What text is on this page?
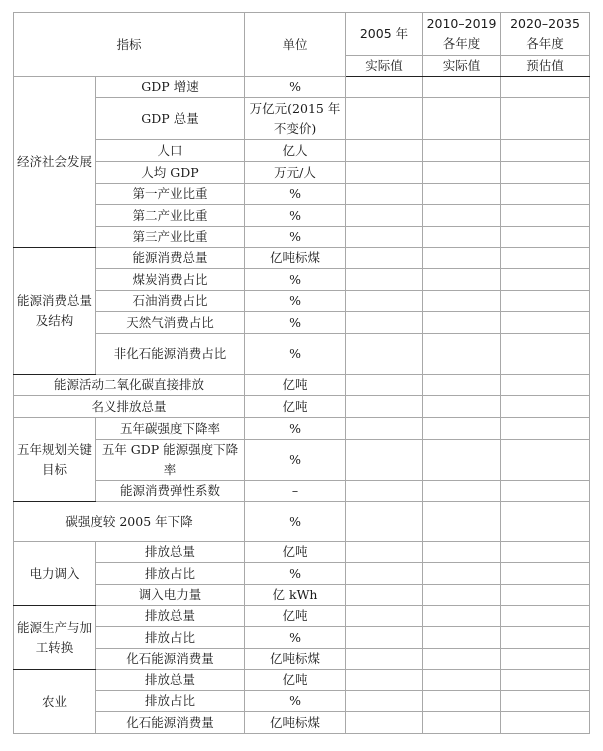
指标		单位	2005 年	2010–2019 各年度	2020–2035 各年度
			实际值	实际值	预估值
经济社会发展	GDP 增速	%			
	GDP 总量	万亿元(2015 年不变价)			
	人口	亿人			
	人均 GDP	万元/人			
	第一产业比重	%			
	第二产业比重	%			
	第三产业比重	%			
能源消费总量及结构	能源消费总量	亿吨标煤			
	煤炭消费占比	%			
	石油消费占比	%			
	天然气消费占比	%			
	非化石能源消费占比	%			
能源活动二氧化碳直接排放		亿吨			
名义排放总量		亿吨			
五年规划关键目标	五年碳强度下降率	%			
	五年 GDP 能源强度下降率	%			
	能源消费弹性系数	–			
碳强度较 2005 年下降		%			
电力调入	排放总量	亿吨			
	排放占比	%			
	调入电力量	亿 kWh			
能源生产与加工转换	排放总量	亿吨			
	排放占比	%			
	化石能源消费量	亿吨标煤			
农业	排放总量	亿吨			
	排放占比	%			
	化石能源消费量	亿吨标煤			
